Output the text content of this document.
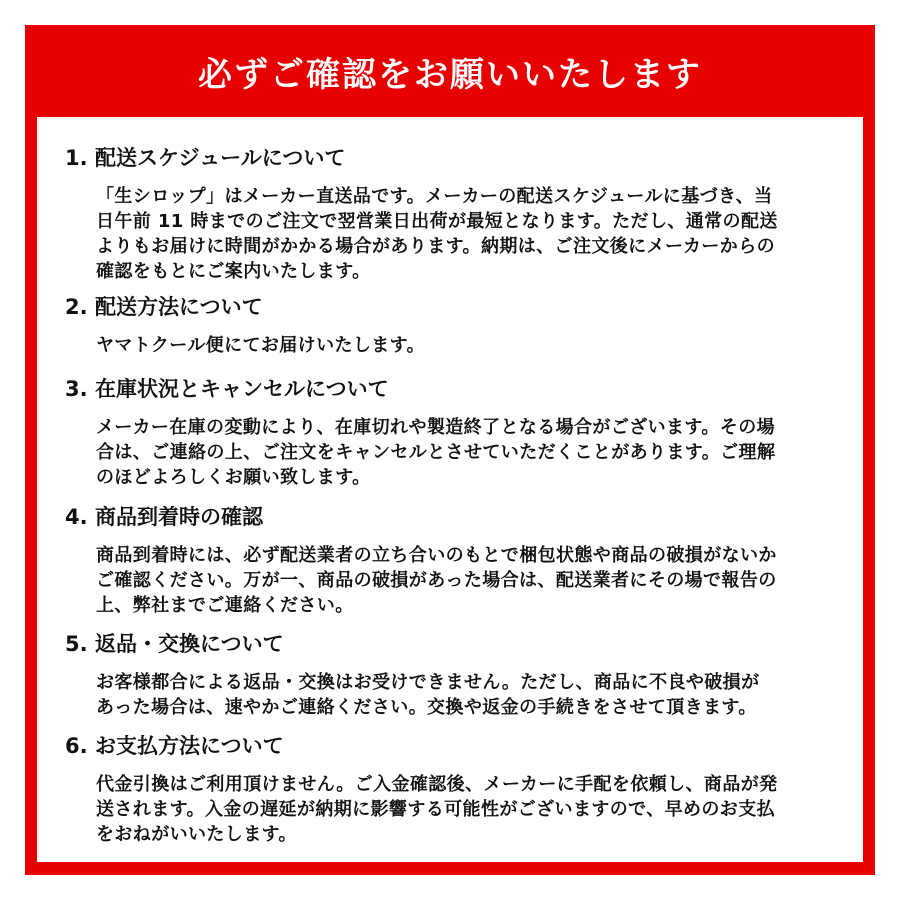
必ずご確認をお願いいたします
1. 配送スケジュールについて
「生シロップ」はメーカー直送品です。メーカーの配送スケジュールに基づき、当
日午前 11 時までのご注文で翌営業日出荷が最短となります。ただし、通常の配送
よりもお届けに時間がかかる場合があります。納期は、ご注文後にメーカーからの
確認をもとにご案内いたします。
2. 配送方法について
ヤマトクール便にてお届けいたします。
3. 在庫状況とキャンセルについて
メーカー在庫の変動により、在庫切れや製造終了となる場合がございます。その場
合は、ご連絡の上、ご注文をキャンセルとさせていただくことがあります。ご理解
のほどよろしくお願い致します。
4. 商品到着時の確認
商品到着時には、必ず配送業者の立ち合いのもとで梱包状態や商品の破損がないか
ご確認ください。万が一、商品の破損があった場合は、配送業者にその場で報告の
上、弊社までご連絡ください。
5. 返品・交換について
お客様都合による返品・交換はお受けできません。ただし、商品に不良や破損が
あった場合は、速やかご連絡ください。交換や返金の手続きをさせて頂きます。
6. お支払方法について
代金引換はご利用頂けません。ご入金確認後、メーカーに手配を依頼し、商品が発
送されます。入金の遅延が納期に影響する可能性がございますので、早めのお支払
をおねがいいたします。
